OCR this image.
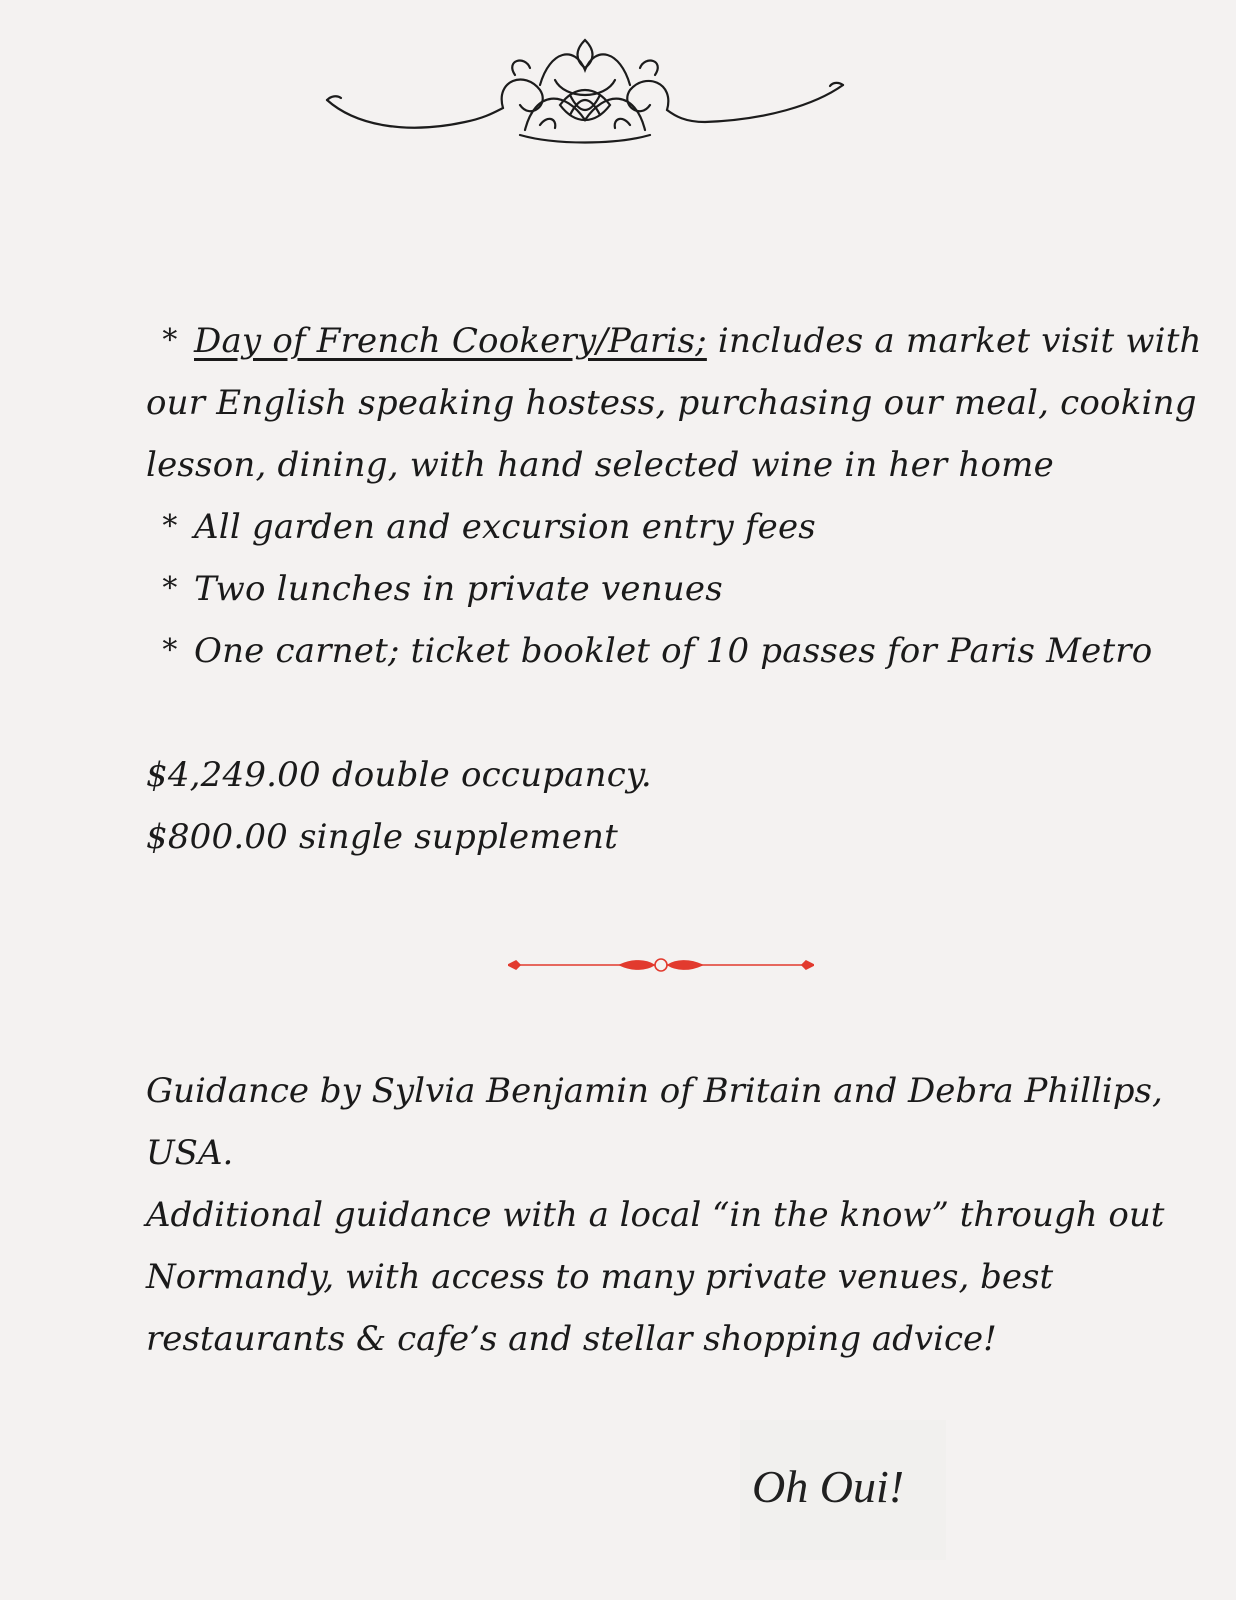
* Day of French Cookery/Paris; includes a market visit with
our English speaking hostess, purchasing our meal, cooking
lesson, dining, with hand selected wine in her home
* All garden and excursion entry fees
* Two lunches in private venues
* One carnet; ticket booklet of 10 passes for Paris Metro
$4,249.00 double occupancy.
$800.00 single supplement
Guidance by Sylvia Benjamin of Britain and Debra Phillips,
USA.
Additional guidance with a local “in the know” through out
Normandy, with access to many private venues, best
restaurants & cafe’s and stellar shopping advice!
Oh Oui!
